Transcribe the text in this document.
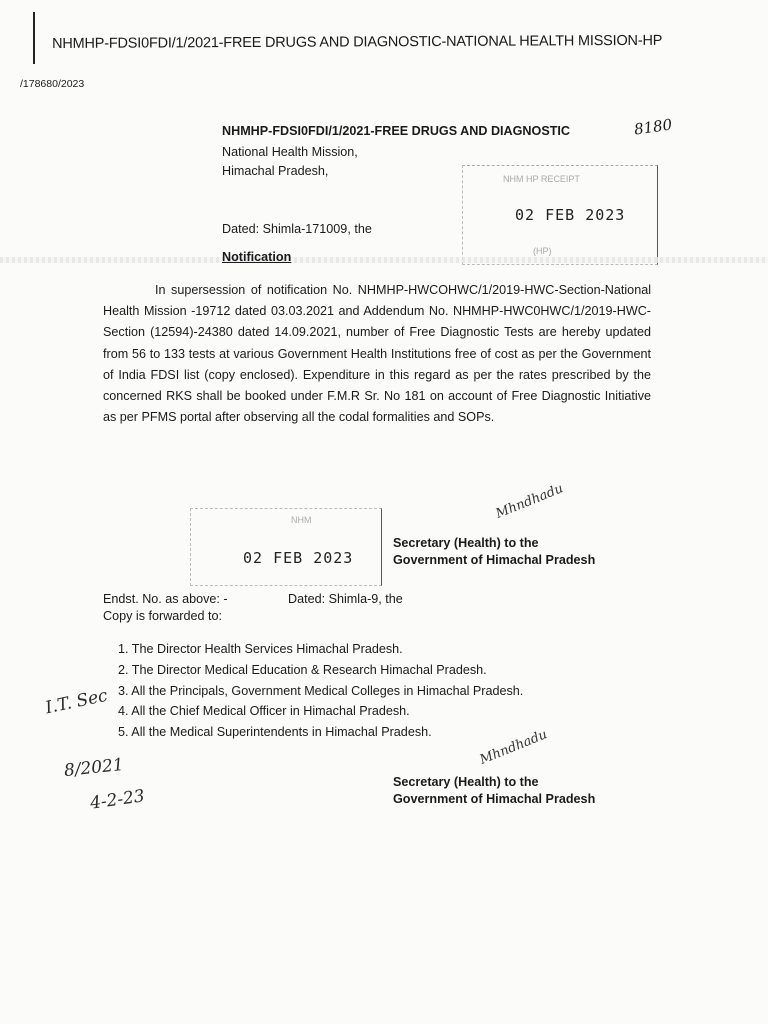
NHMHP-FDSI0FDI/1/2021-FREE DRUGS AND DIAGNOSTIC-NATIONAL HEALTH MISSION-HP
/178680/2023
NHMHP-FDSI0FDI/1/2021-FREE DRUGS AND DIAGNOSTIC	8180
National Health Mission,
Himachal Pradesh,
NHM HP RECEIPT
02 FEB 2023
(HP)
Dated: Shimla-171009, the
Notification
In supersession of notification No. NHMHP-HWCOHWC/1/2019-HWC-Section-National Health Mission -19712 dated 03.03.2021 and Addendum No. NHMHP-HWC0HWC/1/2019-HWC-Section (12594)-24380 dated 14.09.2021, number of Free Diagnostic Tests are hereby updated from 56 to 133 tests at various Government Health Institutions free of cost as per the Government of India FDSI list (copy enclosed). Expenditure in this regard as per the rates prescribed by the concerned RKS shall be booked under F.M.R Sr. No 181 on account of Free Diagnostic Initiative as per PFMS portal after observing all the codal formalities and SOPs.
Mhndhadu
NHM
02 FEB 2023
Secretary (Health) to the
Government of Himachal Pradesh
Endst. No. as above: -	Dated: Shimla-9, the
Copy is forwarded to:
1. The Director Health Services Himachal Pradesh.
2. The Director Medical Education & Research Himachal Pradesh.
3. All the Principals, Government Medical Colleges in Himachal Pradesh.
4. All the Chief Medical Officer in Himachal Pradesh.
5. All the Medical Superintendents in Himachal Pradesh.
I.T. Sec
8/2021
4-2-23
Mhndhadu
Secretary (Health) to the
Government of Himachal Pradesh
